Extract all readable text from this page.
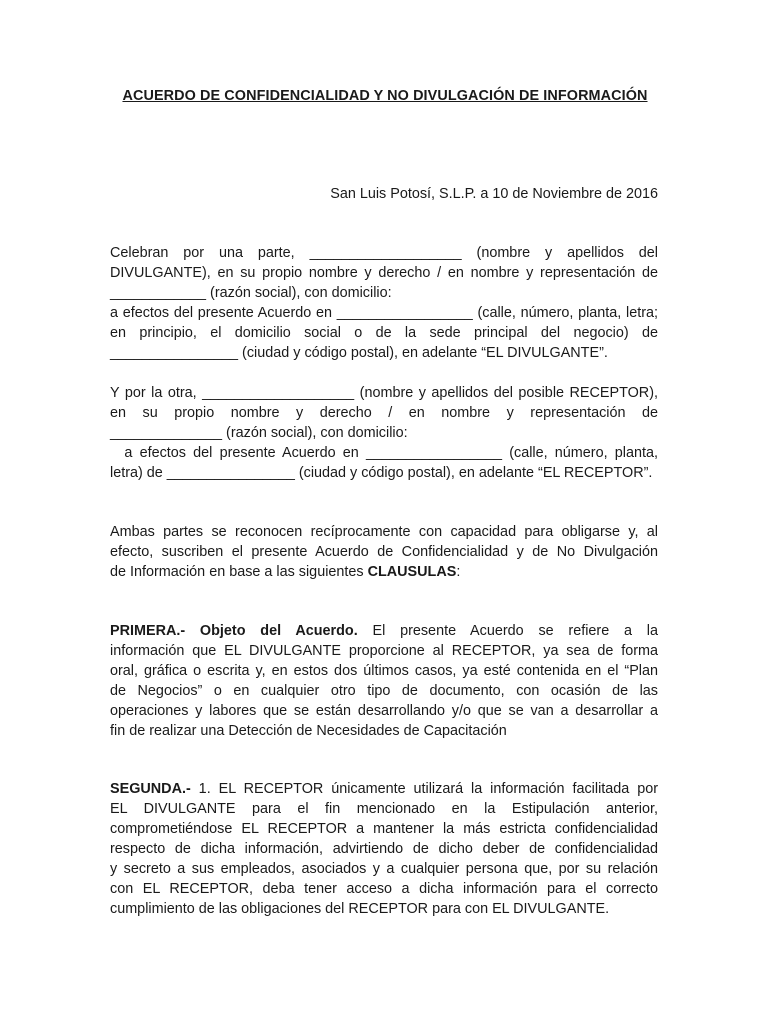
ACUERDO DE CONFIDENCIALIDAD Y NO DIVULGACIÓN DE INFORMACIÓN
San Luis Potosí, S.L.P. a 10 de Noviembre de 2016
Celebran por una parte, ___________________ (nombre y apellidos del
DIVULGANTE), en su propio nombre y derecho / en nombre y representación de
____________ (razón social), con domicilio:
a efectos del presente Acuerdo en _________________ (calle, número, planta, letra;
en principio, el domicilio social o de la sede principal del negocio) de
________________ (ciudad y código postal), en adelante “EL DIVULGANTE”.
Y por la otra, ___________________ (nombre y apellidos del posible RECEPTOR),
en su propio nombre y derecho / en nombre y representación de
______________ (razón social), con domicilio:
a efectos del presente Acuerdo en _________________ (calle, número, planta,
letra) de ________________ (ciudad y código postal), en adelante “EL RECEPTOR”.
Ambas partes se reconocen recíprocamente con capacidad para obligarse y, al
efecto, suscriben el presente Acuerdo de Confidencialidad y de No Divulgación
de Información en base a las siguientes CLAUSULAS:
PRIMERA.- Objeto del Acuerdo. El presente Acuerdo se refiere a la
información que EL DIVULGANTE proporcione al RECEPTOR, ya sea de forma
oral, gráfica o escrita y, en estos dos últimos casos, ya esté contenida en el “Plan
de Negocios” o en cualquier otro tipo de documento, con ocasión de las
operaciones y labores que se están desarrollando y/o que se van a desarrollar a
fin de realizar una Detección de Necesidades de Capacitación
SEGUNDA.- 1. EL RECEPTOR únicamente utilizará la información facilitada por
EL DIVULGANTE para el fin mencionado en la Estipulación anterior,
comprometiéndose EL RECEPTOR a mantener la más estricta confidencialidad
respecto de dicha información, advirtiendo de dicho deber de confidencialidad
y secreto a sus empleados, asociados y a cualquier persona que, por su relación
con EL RECEPTOR, deba tener acceso a dicha información para el correcto
cumplimiento de las obligaciones del RECEPTOR para con EL DIVULGANTE.
